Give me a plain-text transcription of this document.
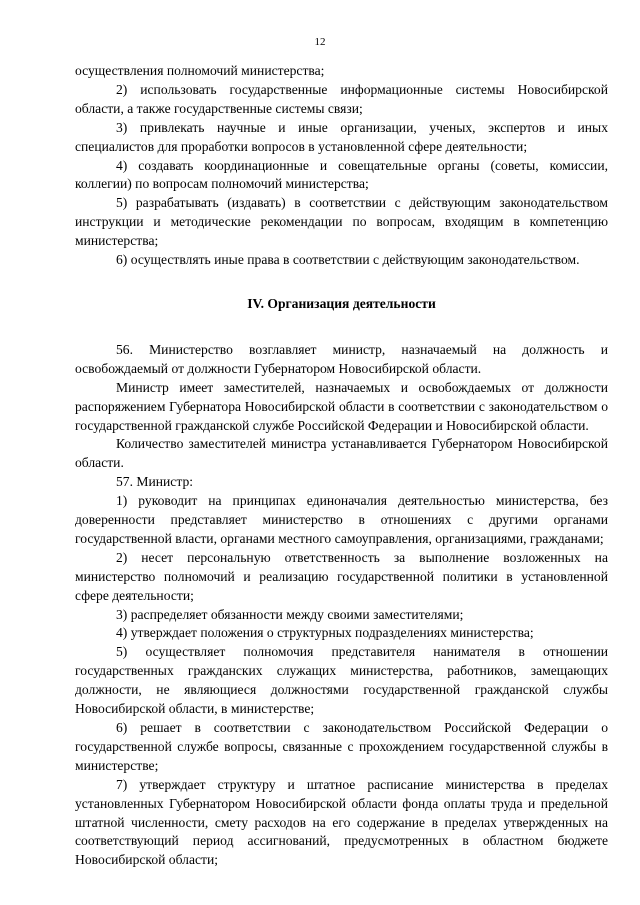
12

осуществления полномочий министерства;

2) использовать государственные информационные системы Новосибирской области, а также государственные системы связи;

3) привлекать научные и иные организации, ученых, экспертов и иных специалистов для проработки вопросов в установленной сфере деятельности;

4) создавать координационные и совещательные органы (советы, комиссии, коллегии) по вопросам полномочий министерства;

5) разрабатывать (издавать) в соответствии с действующим законодательством инструкции и методические рекомендации по вопросам, входящим в компетенцию министерства;

6) осуществлять иные права в соответствии с действующим законодательством.

IV. Организация деятельности

56. Министерство возглавляет министр, назначаемый на должность и освобождаемый от должности Губернатором Новосибирской области.

Министр имеет заместителей, назначаемых и освобождаемых от должности распоряжением Губернатора Новосибирской области в соответствии с законодательством о государственной гражданской службе Российской Федерации и Новосибирской области.

Количество заместителей министра устанавливается Губернатором Новосибирской области.

57. Министр:

1) руководит на принципах единоначалия деятельностью министерства, без доверенности представляет министерство в отношениях с другими органами государственной власти, органами местного самоуправления, организациями, гражданами;

2) несет персональную ответственность за выполнение возложенных на министерство полномочий и реализацию государственной политики в установленной сфере деятельности;

3) распределяет обязанности между своими заместителями;

4) утверждает положения о структурных подразделениях министерства;

5) осуществляет полномочия представителя нанимателя в отношении государственных гражданских служащих министерства, работников, замещающих должности, не являющиеся должностями государственной гражданской службы Новосибирской области, в министерстве;

6) решает в соответствии с законодательством Российской Федерации о государственной службе вопросы, связанные с прохождением государственной службы в министерстве;

7) утверждает структуру и штатное расписание министерства в пределах установленных Губернатором Новосибирской области фонда оплаты труда и предельной штатной численности, смету расходов на его содержание в пределах утвержденных на соответствующий период ассигнований, предусмотренных в областном бюджете Новосибирской области;
